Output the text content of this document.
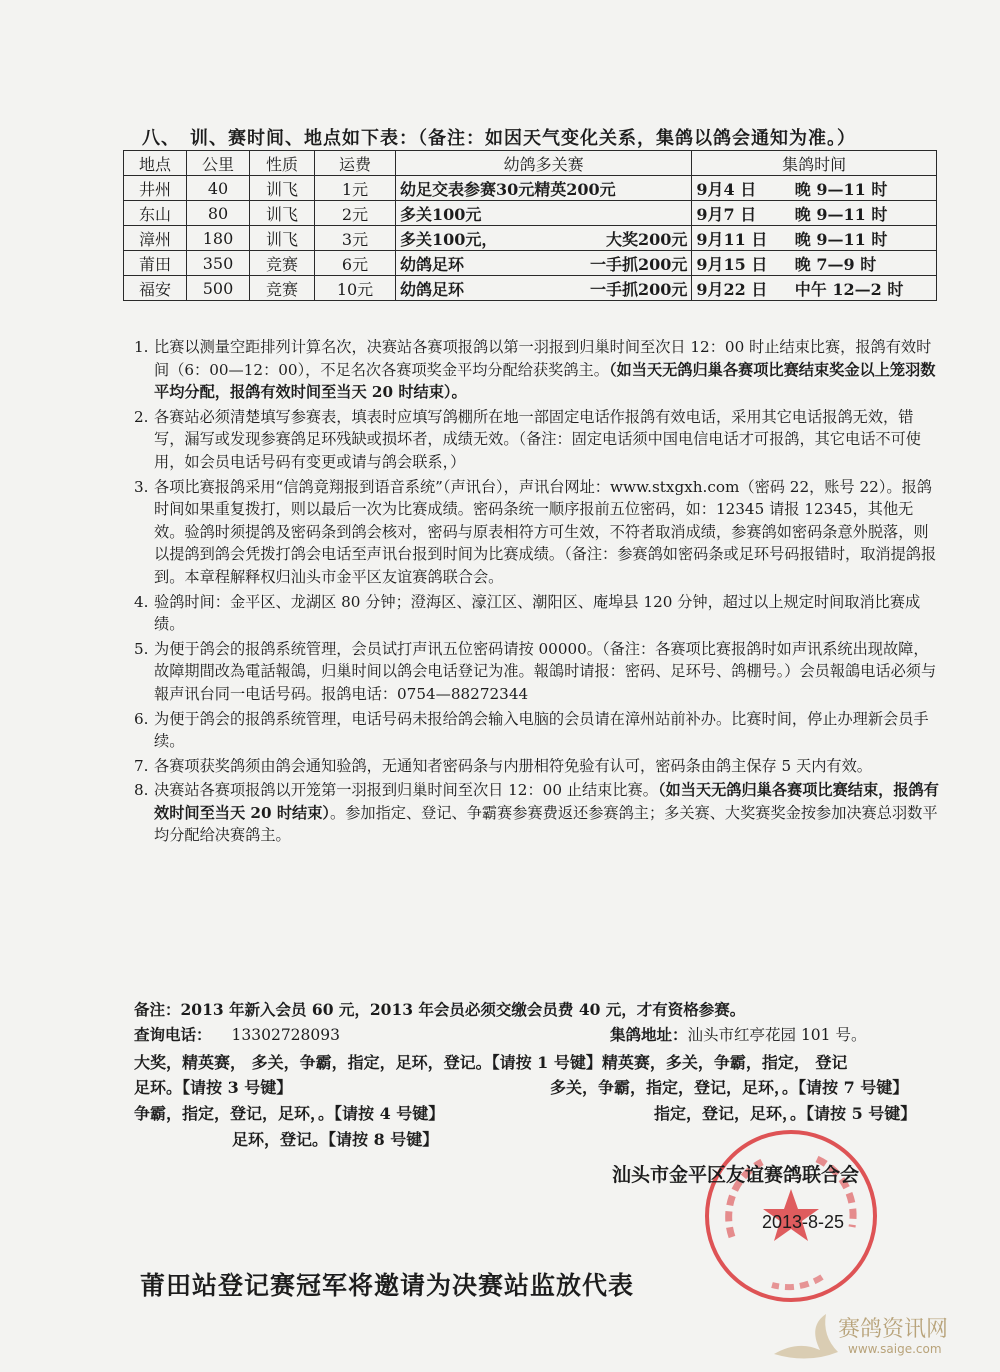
八、　训、赛时间、地点如下表：（备注：如因天气变化关系，集鸽以鸽会通知为准。）
地点	公里	性质	运费	幼鸽多关赛		集鸽时间	
井州	40	训飞	1元	幼足交表参赛30元精英200元		9月4 日	晚 9—11 时
东山	80	训飞	2元	多关100元		9月7 日	晚 9—11 时
漳州	180	训飞	3元	多关100元，	大奖200元	9月11 日	晚 9—11 时
莆田	350	竞赛	6元	幼鸽足环	一手抓200元	9月15 日	晚 7—9 时
福安	500	竞赛	10元	幼鸽足环	一手抓200元	9月22 日	中午 12—2 时
1. 比赛以测量空距排列计算名次，决赛站各赛项报鸽以第一羽报到归巢时间至次日 12：00 时止结束比赛，报鸽有效时间（6：00—12：00），不足名次各赛项奖金平均分配给获奖鸽主。（如当天无鸽归巢各赛项比赛结束奖金以上笼羽数平均分配，报鸽有效时间至当天 20 时结束）。
2. 各赛站必须清楚填写参赛表，填表时应填写鸽棚所在地一部固定电话作报鸽有效电话，采用其它电话报鸽无效，错写，漏写或发现参赛鸽足环残缺或损坏者，成绩无效。（备注：固定电话须中国电信电话才可报鸽，其它电话不可使用，如会员电话号码有变更或请与鸽会联系，）
3. 各项比赛报鸽采用“信鸽竟翔报到语音系统”（声讯台），声讯台网址：www.stxgxh.com（密码 22，账号 22）。报鸽时间如果重复拨打，则以最后一次为比赛成绩。密码条统一顺序报前五位密码，如：12345 请报 12345，其他无效。验鸽时须提鸽及密码条到鸽会核对，密码与原表相符方可生效，不符者取消成绩，参赛鸽如密码条意外脱落，则以提鸽到鸽会凭拨打鸽会电话至声讯台报到时间为比赛成绩。（备注：参赛鸽如密码条或足环号码报错时，取消提鸽报到。本章程解释权归汕头市金平区友谊赛鸽联合会。
4. 验鸽时间：金平区、龙湖区 80 分钟；澄海区、濠江区、潮阳区、庵埠县 120 分钟，超过以上规定时间取消比赛成绩。
5. 为便于鸽会的报鸽系统管理，会员试打声讯五位密码请按 00000。（备注：各赛项比赛报鸽时如声讯系统出现故障，故障期間改為電話報鴿，归巢时间以鸽会电话登记为准。報鴿时请报：密码、足环号、鸽棚号。）会员報鴿电话必须与報声讯台同一电话号码。报鸽电话：0754—88272344
6. 为便于鸽会的报鸽系统管理，电话号码未报给鸽会输入电脑的会员请在漳州站前补办。比赛时间，停止办理新会员手续。
7. 各赛项获奖鸽须由鸽会通知验鸽，无通知者密码条与内册相符免验有认可，密码条由鸽主保存 5 天内有效。
8. 决赛站各赛项报鸽以开笼第一羽报到归巢时间至次日 12：00 止结束比赛。（如当天无鸽归巢各赛项比赛结束，报鸽有效时间至当天 20 时结束）。参加指定、登记、争霸赛参赛费返还参赛鸽主；多关赛、大奖赛奖金按参加决赛总羽数平均分配给决赛鸽主。
备注：2013 年新入会员 60 元，2013 年会员必须交缴会员费 40 元，才有资格参赛。
查询电话： 13302728093	集鸽地址：汕头市红亭花园 101 号。
大奖，精英赛， 多关，争霸，指定，足环，登记。【请按 1 号键】精英赛，多关，争霸，指定， 登记
足环。【请按 3 号键】	多关，争霸，指定，登记，足环，。【请按 7 号键】
争霸，指定，登记，足环，。【请按 4 号键】	指定，登记，足环，。【请按 5 号键】
足环，登记。【请按 8 号键】
汕头市金平区友谊赛鸽联合会
2013-8-25
莆田站登记赛冠军将邀请为决赛站监放代表
赛鸽资讯网
www.saige.com
